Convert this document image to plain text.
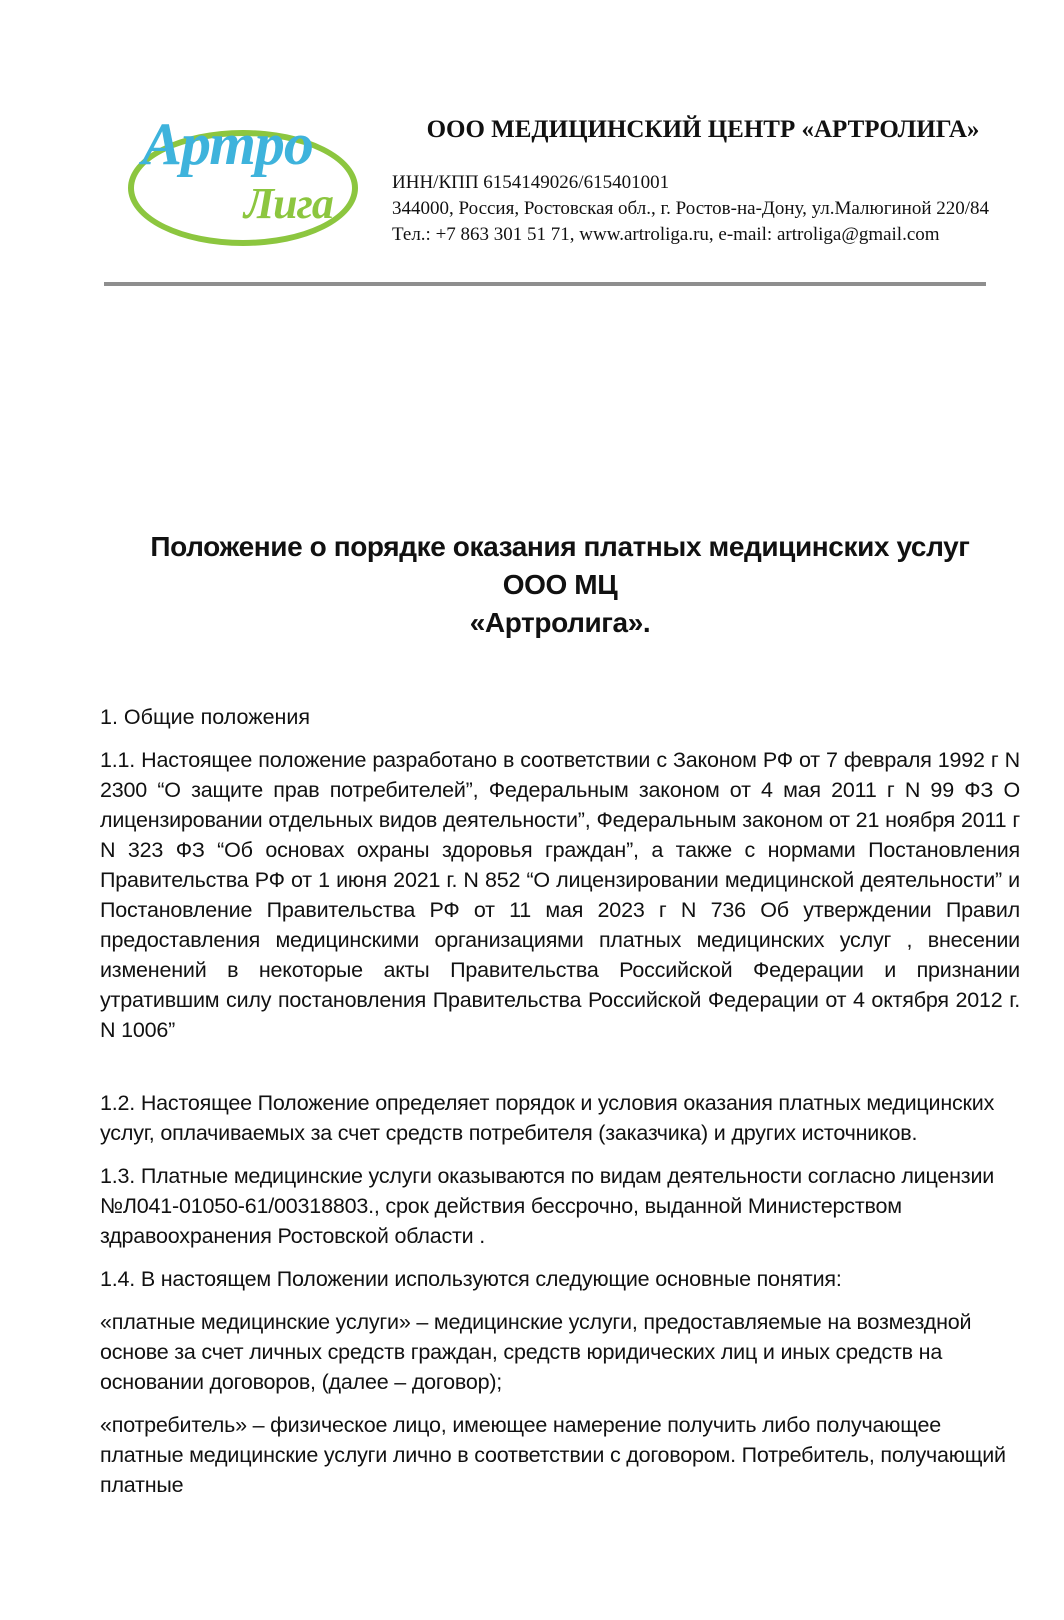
Артро
Лига
ООО МЕДИЦИНСКИЙ ЦЕНТР «АРТРОЛИГА»
ИНН/КПП 6154149026/615401001
344000, Россия, Ростовская обл., г. Ростов-на-Дону, ул.Малюгиной 220/84
Тел.: +7 863 301 51 71, www.artroliga.ru, e-mail: artroliga@gmail.com
Положение о порядке оказания платных медицинских услуг ООО МЦ
«Артролига».
1. Общие положения

1.1. Настоящее положение разработано в соответствии с Законом РФ от 7 февраля 1992 г N 2300 “О защите прав потребителей”, Федеральным законом от 4 мая 2011 г N 99 ФЗ О лицензировании отдельных видов деятельности”, Федеральным законом от 21 ноября 2011 г N 323 ФЗ “Об основах охраны здоровья граждан”, а также с нормами Постановления Правительства РФ от 1 июня 2021 г. N 852 “О лицензировании медицинской деятельности” и Постановление Правительства РФ от 11 мая 2023 г N 736 Об утверждении Правил предоставления медицинскими организациями платных медицинских услуг , внесении изменений в некоторые акты Правительства Российской Федерации и признании утратившим силу постановления Правительства Российской Федерации от 4 октября 2012 г. N 1006”

1.2. Настоящее Положение определяет порядок и условия оказания платных медицинских услуг, оплачиваемых за счет средств потребителя (заказчика) и других источников.

1.3. Платные медицинские услуги оказываются по видам деятельности согласно лицензии №Л041-01050-61/00318803., срок действия бессрочно, выданной Министерством здравоохранения Ростовской области .

1.4. В настоящем Положении используются следующие основные понятия:

«платные медицинские услуги» – медицинские услуги, предоставляемые на возмездной основе за счет личных средств граждан, средств юридических лиц и иных средств на основании договоров, (далее – договор);

«потребитель» – физическое лицо, имеющее намерение получить либо получающее платные медицинские услуги лично в соответствии с договором. Потребитель, получающий платные
